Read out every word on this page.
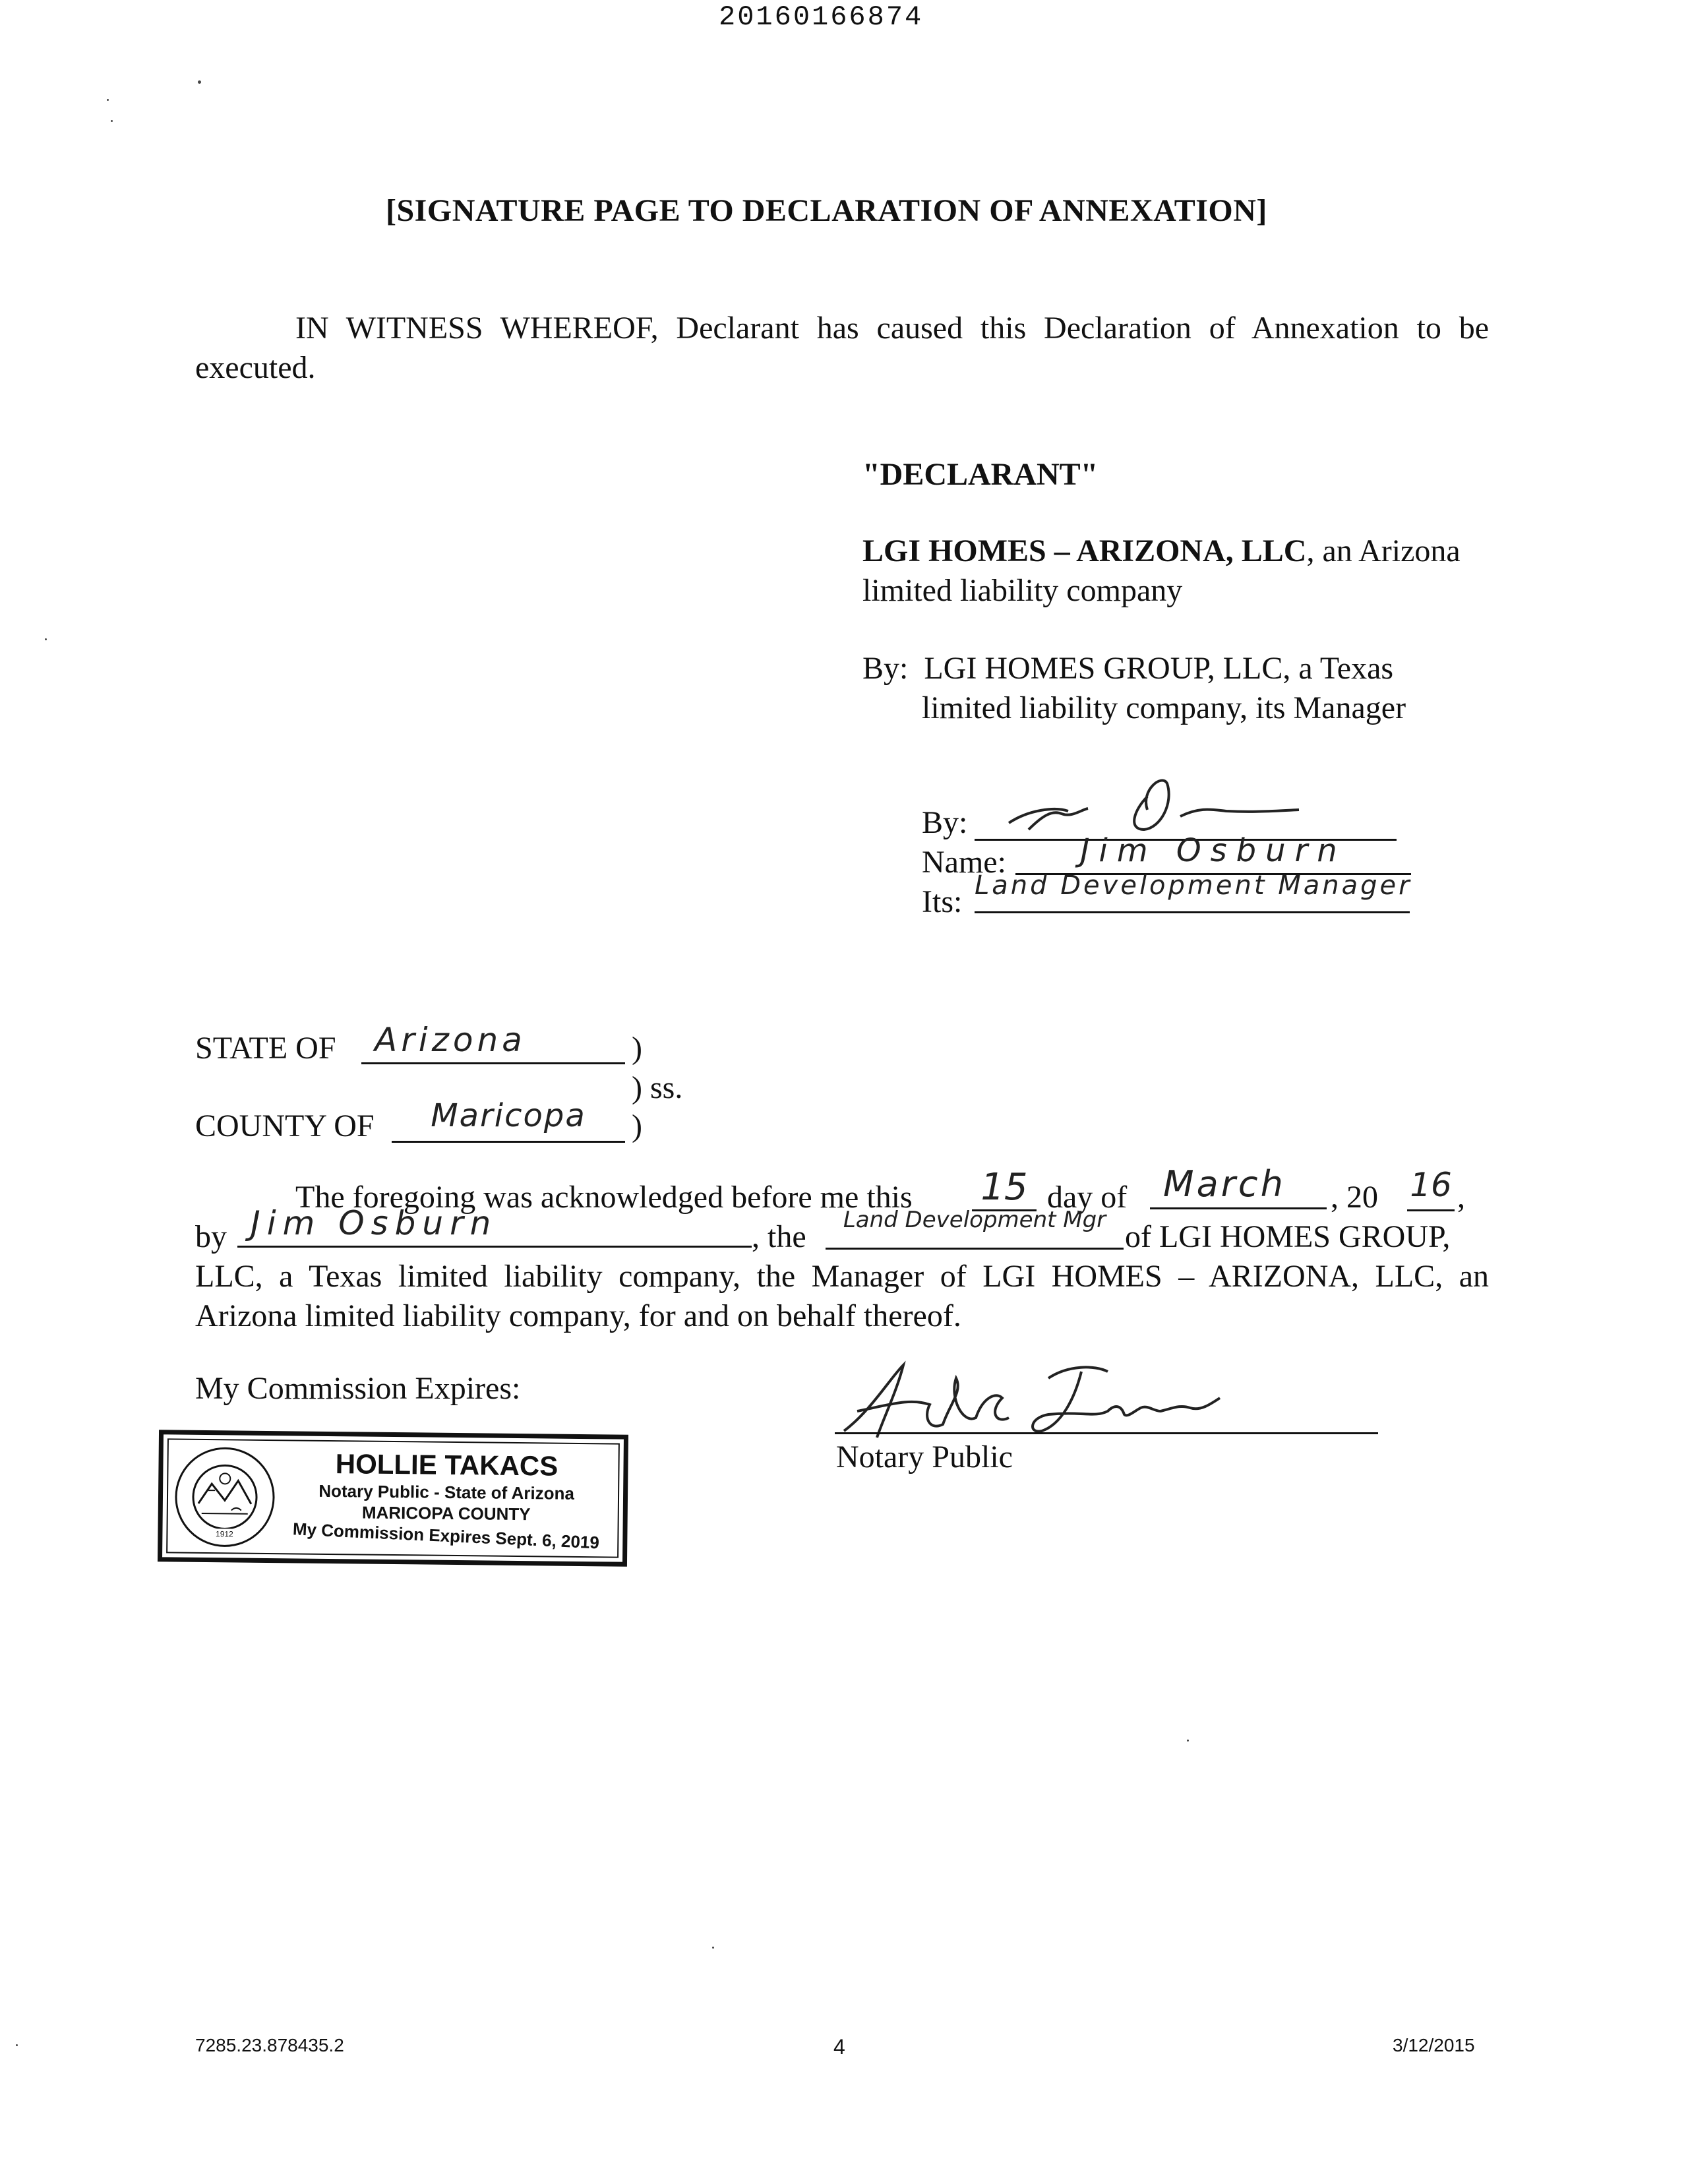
20160166874
[SIGNATURE PAGE TO DECLARATION OF ANNEXATION]
IN WITNESS WHEREOF, Declarant has caused this Declaration of Annexation to be
executed.
"DECLARANT"
LGI HOMES – ARIZONA, LLC, an Arizona
limited liability company
By:  LGI HOMES GROUP, LLC, a Texas
limited liability company, its Manager
By:
Name:	Jim Osburn
Its: Land Development Manager
STATE OF	Arizona	)
) ss.
COUNTY OF	Maricopa	)
The foregoing was acknowledged before me this 15 day of	March	, 20 16 ,
by Jim Osburn	, the	Land Development Mgr of LGI HOMES GROUP,
LLC, a Texas limited liability company, the Manager of LGI HOMES – ARIZONA, LLC, an
Arizona limited liability company, for and on behalf thereof.
My Commission Expires:
Notary Public
1912
HOLLIE TAKACS
Notary Public - State of Arizona
MARICOPA COUNTY
My Commission Expires Sept. 6, 2019
7285.23.878435.2	4	3/12/2015
